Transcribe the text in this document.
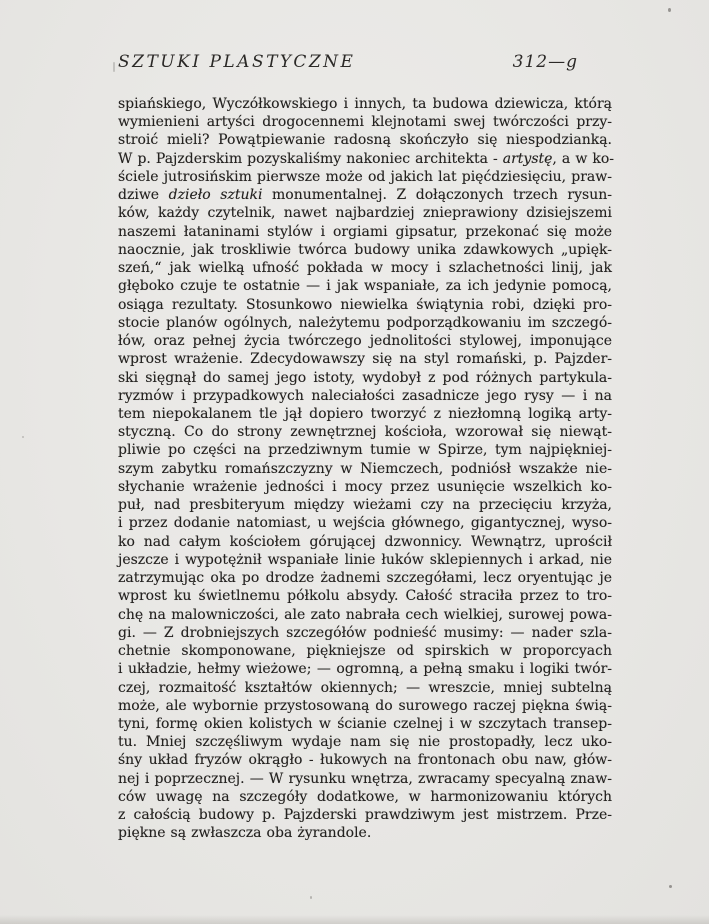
SZTUKI PLASTYCZNE	312—g
spiańskiego, Wyczółkowskiego i innych, ta budowa dziewicza, którą
wymienieni artyści drogocennemi klejnotami swej twórczości przy-
stroić mieli? Powątpiewanie radosną skończyło się niespodzianką.
W p. Pajzderskim pozyskaliśmy nakoniec architekta - artystę, a w ko-
ściele jutrosińskim pierwsze może od jakich lat pięćdziesięciu, praw-
dziwe dzieło sztuki monumentalnej. Z dołączonych trzech rysun-
ków, każdy czytelnik, nawet najbardziej znieprawiony dzisiejszemi
naszemi łataninami stylów i orgiami gipsatur, przekonać się może
naocznie, jak troskliwie twórca budowy unika zdawkowych „upięk-
szeń,“ jak wielką ufność pokłada w mocy i szlachetności linij, jak
głęboko czuje te ostatnie — i jak wspaniałe, za ich jedynie pomocą,
osiąga rezultaty. Stosunkowo niewielka świątynia robi, dzięki pro-
stocie planów ogólnych, należytemu podporządkowaniu im szczegó-
łów, oraz pełnej życia twórczego jednolitości stylowej, imponujące
wprost wrażenie. Zdecydowawszy się na styl romański, p. Pajzder-
ski sięgnął do samej jego istoty, wydobył z pod różnych partykula-
ryzmów i przypadkowych naleciałości zasadnicze jego rysy — i na
tem niepokalanem tle jął dopiero tworzyć z niezłomną logiką arty-
styczną. Co do strony zewnętrznej kościoła, wzorował się niewąt-
pliwie po części na przedziwnym tumie w Spirze, tym najpiękniej-
szym zabytku romańszczyzny w Niemczech, podniósł wszakże nie-
słychanie wrażenie jedności i mocy przez usunięcie wszelkich ko-
puł, nad presbiteryum między wieżami czy na przecięciu krzyża,
i przez dodanie natomiast, u wejścia głównego, gigantycznej, wyso-
ko nad całym kościołem górującej dzwonnicy. Wewnątrz, uprościł
jeszcze i wypotężnił wspaniałe linie łuków sklepiennych i arkad, nie
zatrzymując oka po drodze żadnemi szczegółami, lecz oryentując je
wprost ku świetlnemu półkolu absydy. Całość straciła przez to tro-
chę na malowniczości, ale zato nabrała cech wielkiej, surowej powa-
gi. — Z drobniejszych szczegółów podnieść musimy: — nader szla-
chetnie skomponowane, piękniejsze od spirskich w proporcyach
i układzie, hełmy wieżowe; — ogromną, a pełną smaku i logiki twór-
czej, rozmaitość kształtów okiennych; — wreszcie, mniej subtelną
może, ale wybornie przystosowaną do surowego raczej piękna świą-
tyni, formę okien kolistych w ścianie czelnej i w szczytach transep-
tu. Mniej szczęśliwym wydaje nam się nie prostopadły, lecz uko-
śny układ fryzów okrągło - łukowych na frontonach obu naw, głów-
nej i poprzecznej. — W rysunku wnętrza, zwracamy specyalną znaw-
ców uwagę na szczegóły dodatkowe, w harmonizowaniu których
z całością budowy p. Pajzderski prawdziwym jest mistrzem. Prze-
piękne są zwłaszcza oba żyrandole.
